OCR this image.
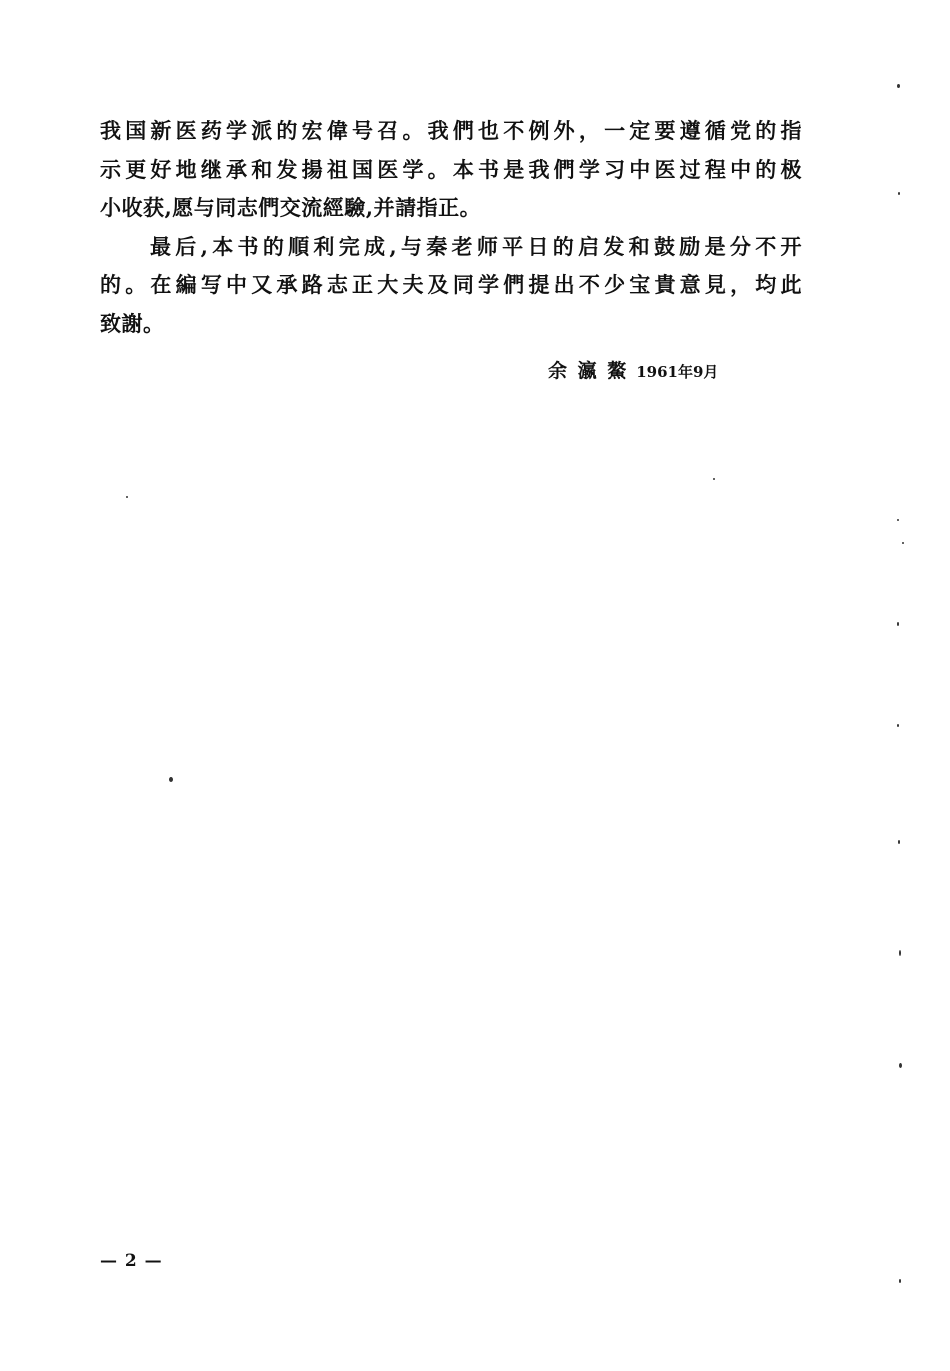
我国新医药学派的宏偉号召。我們也不例外，一定要遵循党的指
示更好地继承和发揚祖国医学。本书是我們学习中医过程中的极
小收获,愿与同志們交流經驗,并請指正。
最后,本书的順利完成,与秦老师平日的启发和鼓励是分不开
的。在編写中又承路志正大夫及同学們提出不少宝貴意見，均此
致謝。
余 瀛 鰲 1961年9月
— 2 —
